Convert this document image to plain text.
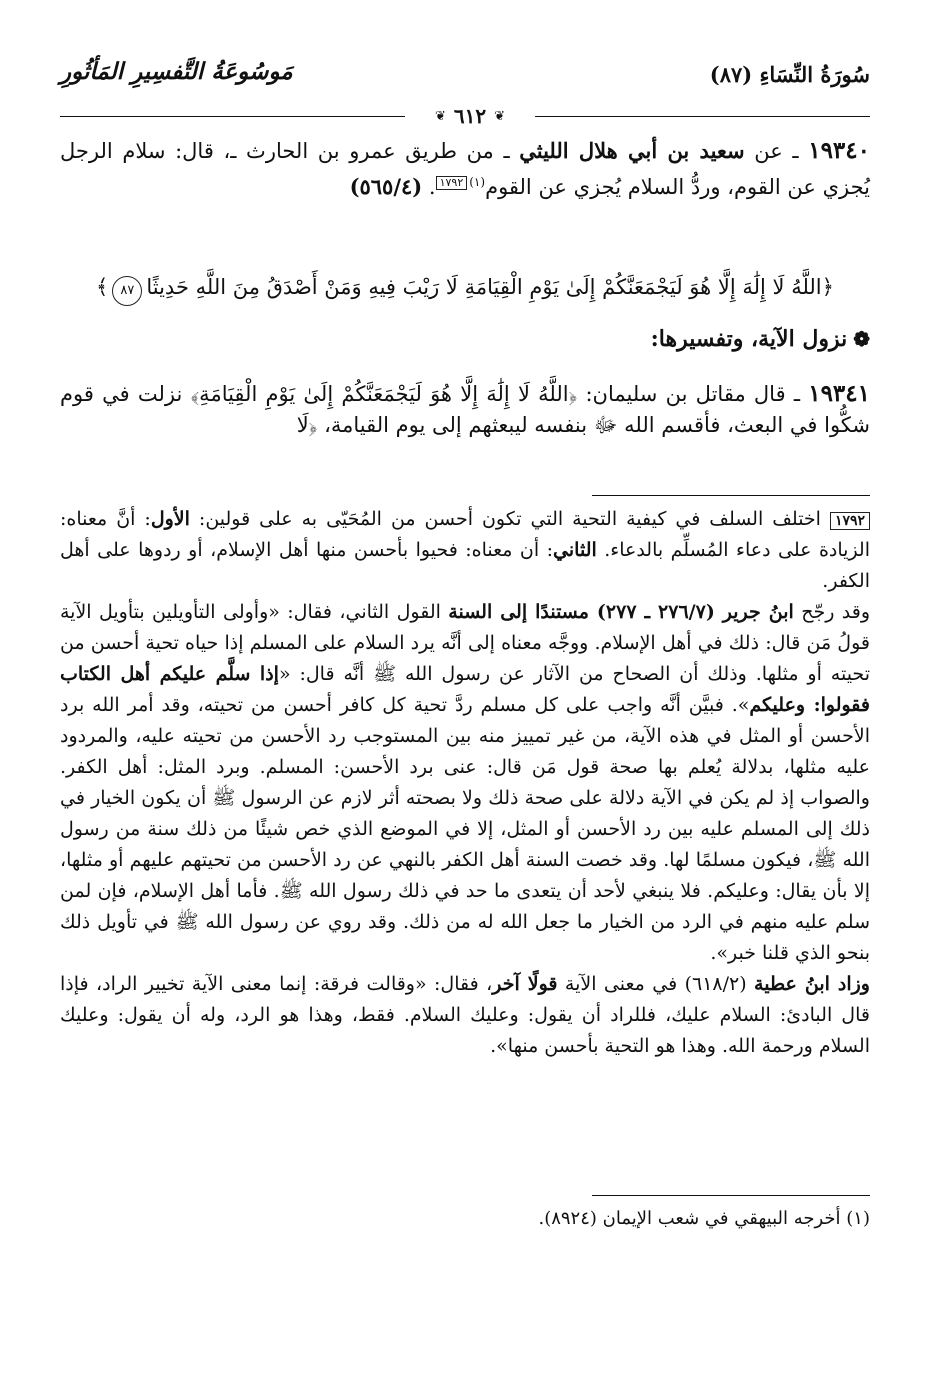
سُورَةُ النِّسَاءِ (٨٧)
مَوسُوعَةُ التَّفسِيرِ المَأثُورِ
❦ ٦١٢ ❦
١٩٣٤٠ ـ عن سعيد بن أبي هلال الليثي ـ من طريق عمرو بن الحارث ـ، قال: سلام الرجل يُجزي عن القوم، وردُّ السلام يُجزي عن القوم$^{(١)}$١٧٩٢. (٥٦٥/٤)
﴿اللَّهُ لَا إِلَٰهَ إِلَّا هُوَ لَيَجْمَعَنَّكُمْ إِلَىٰ يَوْمِ الْقِيَامَةِ لَا رَيْبَ فِيهِ وَمَنْ أَصْدَقُ مِنَ اللَّهِ حَدِيثًا٨٧﴾
❁نزول الآية، وتفسيرها:
١٩٣٤١ ـ قال مقاتل بن سليمان: ﴿اللَّهُ لَا إِلَٰهَ إِلَّا هُوَ لَيَجْمَعَنَّكُمْ إِلَىٰ يَوْمِ الْقِيَامَةِ﴾ نزلت في قوم شكُّوا في البعث، فأقسم الله ﷻ بنفسه ليبعثهم إلى يوم القيامة، ﴿لَا

١٧٩٢ اختلف السلف في كيفية التحية التي تكون أحسن من المُحَيّى به على قولين: الأول: أنَّ معناه: الزيادة على دعاء المُسلِّم بالدعاء. الثاني: أن معناه: فحيوا بأحسن منها أهل الإسلام، أو ردوها على أهل الكفر.

وقد رجّح ابنُ جرير (٢٧٦/٧ ـ ٢٧٧) مستندًا إلى السنة القول الثاني، فقال: «وأولى التأويلين بتأويل الآية قولُ مَن قال: ذلك في أهل الإسلام. ووجَّه معناه إلى أنَّه يرد السلام على المسلم إذا حياه تحية أحسن من تحيته أو مثلها. وذلك أن الصحاح من الآثار عن رسول الله ﷺ أنَّه قال: «إذا سلَّم عليكم أهل الكتاب فقولوا: وعليكم». فبيَّن أنَّه واجب على كل مسلم ردَّ تحية كل كافر أحسن من تحيته، وقد أمر الله برد الأحسن أو المثل في هذه الآية، من غير تمييز منه بين المستوجب رد الأحسن من تحيته عليه، والمردود عليه مثلها، بدلالة يُعلم بها صحة قول مَن قال: عنى برد الأحسن: المسلم. وبرد المثل: أهل الكفر. والصواب إذ لم يكن في الآية دلالة على صحة ذلك ولا بصحته أثر لازم عن الرسول ﷺ أن يكون الخيار في ذلك إلى المسلم عليه بين رد الأحسن أو المثل، إلا في الموضع الذي خص شيئًا من ذلك سنة من رسول الله ﷺ، فيكون مسلمًا لها. وقد خصت السنة أهل الكفر بالنهي عن رد الأحسن من تحيتهم عليهم أو مثلها، إلا بأن يقال: وعليكم. فلا ينبغي لأحد أن يتعدى ما حد في ذلك رسول الله ﷺ. فأما أهل الإسلام، فإن لمن سلم عليه منهم في الرد من الخيار ما جعل الله له من ذلك. وقد روي عن رسول الله ﷺ في تأويل ذلك بنحو الذي قلنا خبر».

وزاد ابنُ عطية (٦١٨/٢) في معنى الآية قولًا آخر، فقال: «وقالت فرقة: إنما معنى الآية تخيير الراد، فإذا قال البادئ: السلام عليك، فللراد أن يقول: وعليك السلام. فقط، وهذا هو الرد، وله أن يقول: وعليك السلام ورحمة الله. وهذا هو التحية بأحسن منها».

(١) أخرجه البيهقي في شعب الإيمان (٨٩٢٤).
